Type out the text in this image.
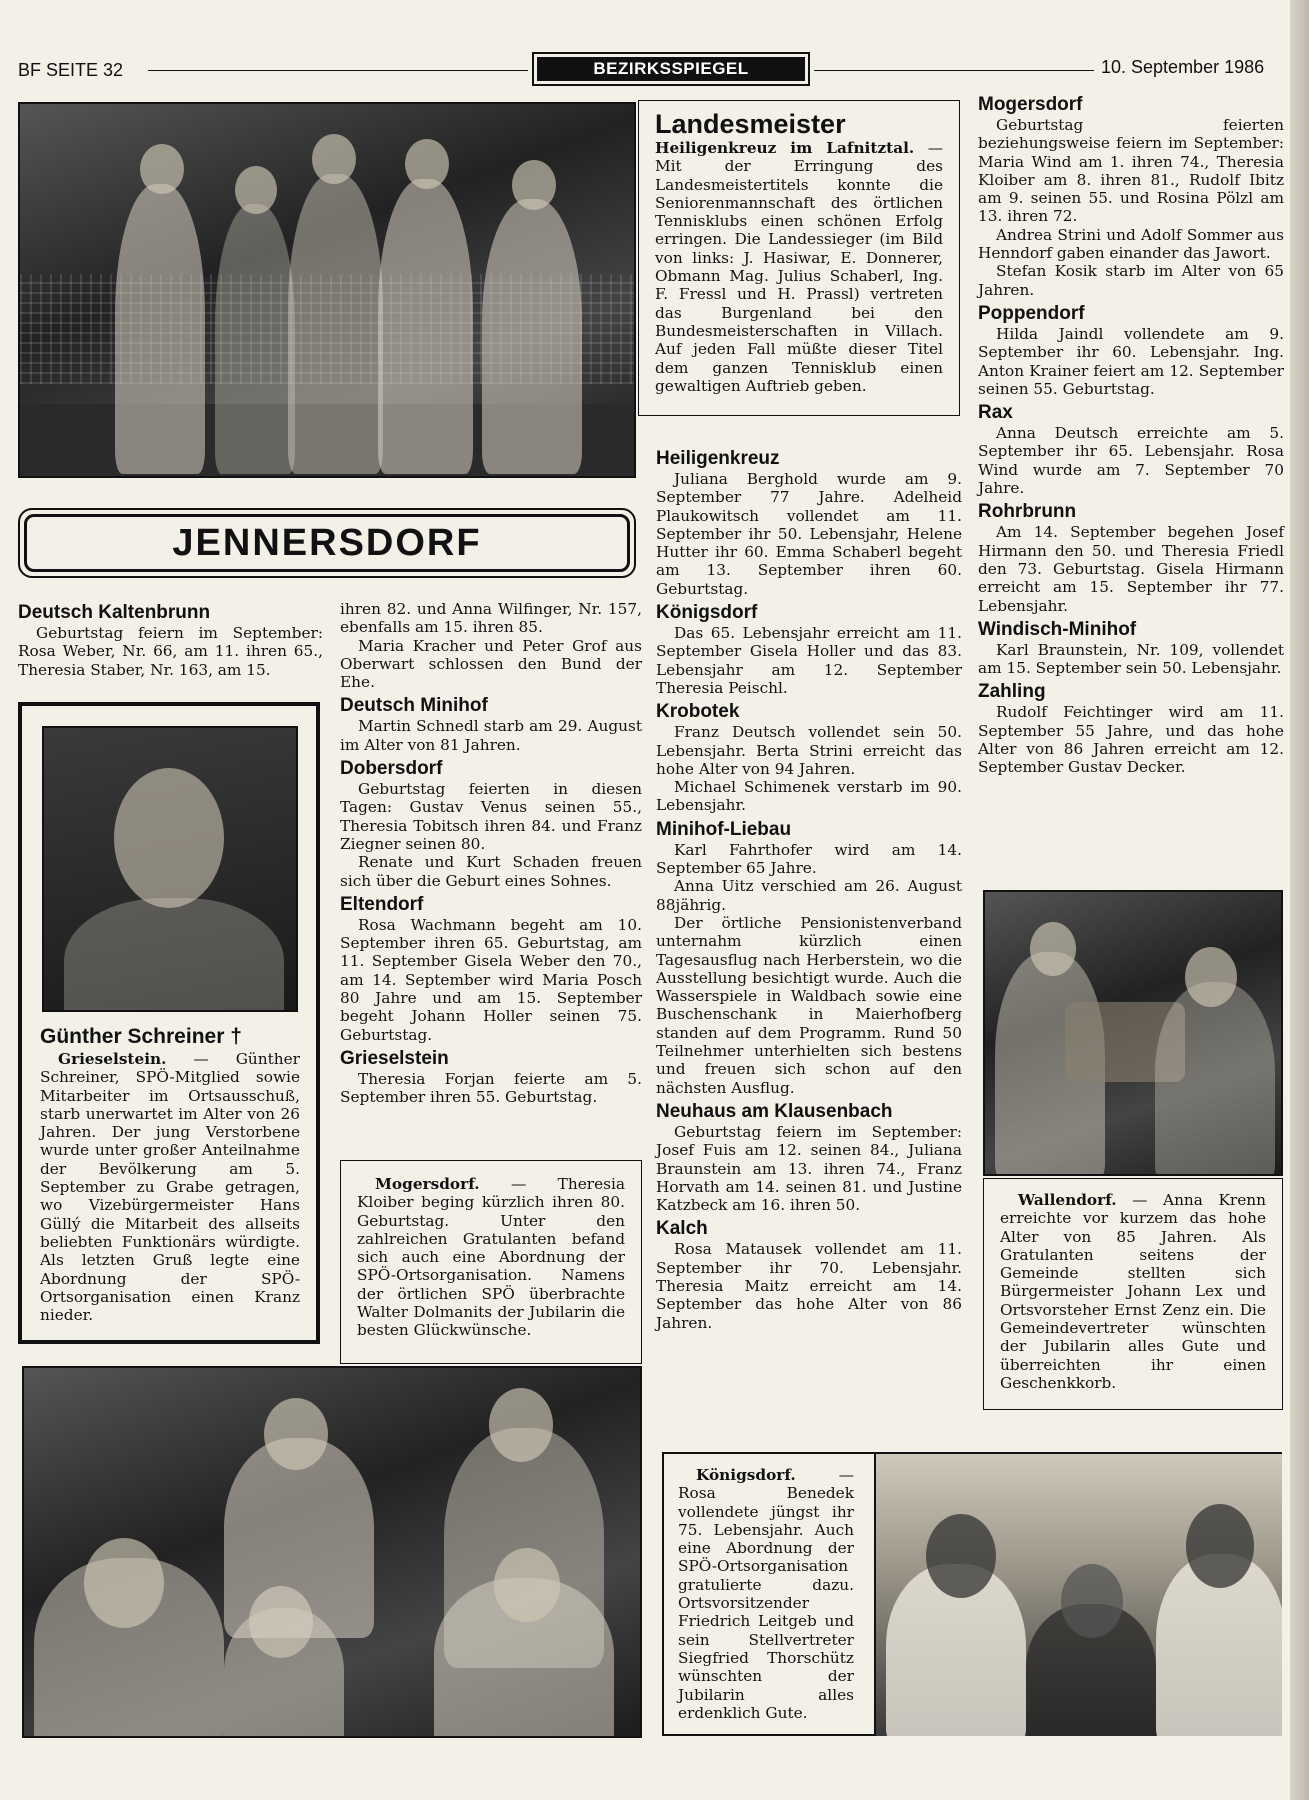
BF SEITE 32	BEZIRKSSPIEGEL	10. September 1986
Landesmeister
Heiligenkreuz im Lafnitztal. — Mit der Erringung des Landesmeistertitels konnte die Seniorenmannschaft des örtlichen Tennisklubs einen schönen Erfolg erringen. Die Landessieger (im Bild von links: J. Hasiwar, E. Donnerer, Obmann Mag. Julius Schaberl, Ing. F. Fressl und H. Prassl) vertreten das Burgenland bei den Bundesmeisterschaften in Villach. Auf jeden Fall müßte dieser Titel dem ganzen Tennisklub einen gewaltigen Auftrieb geben.
JENNERSDORF
Deutsch Kaltenbrunn
Geburtstag feiern im September: Rosa Weber, Nr. 66, am 11. ihren 65., Theresia Staber, Nr. 163, am 15.
Günther Schreiner †
Grieselstein. — Günther Schreiner, SPÖ-Mitglied sowie Mitarbeiter im Ortsausschuß, starb unerwartet im Alter von 26 Jahren. Der jung Verstorbene wurde unter großer Anteilnahme der Bevölkerung am 5. September zu Grabe getragen, wo Vizebürgermeister Hans Güllý die Mitarbeit des allseits beliebten Funktionärs würdigte. Als letzten Gruß legte eine Abordnung der SPÖ-Ortsorganisation einen Kranz nieder.
ihren 82. und Anna Wilfinger, Nr. 157, ebenfalls am 15. ihren 85.
Maria Kracher und Peter Grof aus Oberwart schlossen den Bund der Ehe.
Deutsch Minihof
Martin Schnedl starb am 29. August im Alter von 81 Jahren.
Dobersdorf
Geburtstag feierten in diesen Tagen: Gustav Venus seinen 55., Theresia Tobitsch ihren 84. und Franz Ziegner seinen 80.
Renate und Kurt Schaden freuen sich über die Geburt eines Sohnes.
Eltendorf
Rosa Wachmann begeht am 10. September ihren 65. Geburtstag, am 11. September Gisela Weber den 70., am 14. September wird Maria Posch 80 Jahre und am 15. September begeht Johann Holler seinen 75. Geburtstag.
Grieselstein
Theresia Forjan feierte am 5. September ihren 55. Geburtstag.
Mogersdorf. — Theresia Kloiber beging kürzlich ihren 80. Geburtstag. Unter den zahlreichen Gratulanten befand sich auch eine Abordnung der SPÖ-Ortsorganisation. Namens der örtlichen SPÖ überbrachte Walter Dolmanits der Jubilarin die besten Glückwünsche.
Heiligenkreuz
Juliana Berghold wurde am 9. September 77 Jahre. Adelheid Plaukowitsch vollendet am 11. September ihr 50. Lebensjahr, Helene Hutter ihr 60. Emma Schaberl begeht am 13. September ihren 60. Geburtstag.
Königsdorf
Das 65. Lebensjahr erreicht am 11. September Gisela Holler und das 83. Lebensjahr am 12. September Theresia Peischl.
Krobotek
Franz Deutsch vollendet sein 50. Lebensjahr. Berta Strini erreicht das hohe Alter von 94 Jahren.
Michael Schimenek verstarb im 90. Lebensjahr.
Minihof-Liebau
Karl Fahrthofer wird am 14. September 65 Jahre.
Anna Uitz verschied am 26. August 88jährig.
Der örtliche Pensionistenverband unternahm kürzlich einen Tagesausflug nach Herberstein, wo die Ausstellung besichtigt wurde. Auch die Wasserspiele in Waldbach sowie eine Buschenschank in Maierhofberg standen auf dem Programm. Rund 50 Teilnehmer unterhielten sich bestens und freuen sich schon auf den nächsten Ausflug.
Neuhaus am Klausenbach
Geburtstag feiern im September: Josef Fuis am 12. seinen 84., Juliana Braunstein am 13. ihren 74., Franz Horvath am 14. seinen 81. und Justine Katzbeck am 16. ihren 50.
Kalch
Rosa Matausek vollendet am 11. September ihr 70. Lebensjahr. Theresia Maitz erreicht am 14. September das hohe Alter von 86 Jahren.
Mogersdorf
Geburtstag feierten beziehungsweise feiern im September: Maria Wind am 1. ihren 74., Theresia Kloiber am 8. ihren 81., Rudolf Ibitz am 9. seinen 55. und Rosina Pölzl am 13. ihren 72.
Andrea Strini und Adolf Sommer aus Henndorf gaben einander das Jawort.
Stefan Kosik starb im Alter von 65 Jahren.
Poppendorf
Hilda Jaindl vollendete am 9. September ihr 60. Lebensjahr. Ing. Anton Krainer feiert am 12. September seinen 55. Geburtstag.
Rax
Anna Deutsch erreichte am 5. September ihr 65. Lebensjahr. Rosa Wind wurde am 7. September 70 Jahre.
Rohrbrunn
Am 14. September begehen Josef Hirmann den 50. und Theresia Friedl den 73. Geburtstag. Gisela Hirmann erreicht am 15. September ihr 77. Lebensjahr.
Windisch-Minihof
Karl Braunstein, Nr. 109, vollendet am 15. September sein 50. Lebensjahr.
Zahling
Rudolf Feichtinger wird am 11. September 55 Jahre, und das hohe Alter von 86 Jahren erreicht am 12. September Gustav Decker.
Wallendorf. — Anna Krenn erreichte vor kurzem das hohe Alter von 85 Jahren. Als Gratulanten seitens der Gemeinde stellten sich Bürgermeister Johann Lex und Ortsvorsteher Ernst Zenz ein. Die Gemeindevertreter wünschten der Jubilarin alles Gute und überreichten ihr einen Geschenkkorb.
Königsdorf. — Rosa Benedek vollendete jüngst ihr 75. Lebensjahr. Auch eine Abordnung der SPÖ-Ortsorganisation gratulierte dazu. Ortsvorsitzender Friedrich Leitgeb und sein Stellvertreter Siegfried Thorschütz wünschten der Jubilarin alles erdenklich Gute.
